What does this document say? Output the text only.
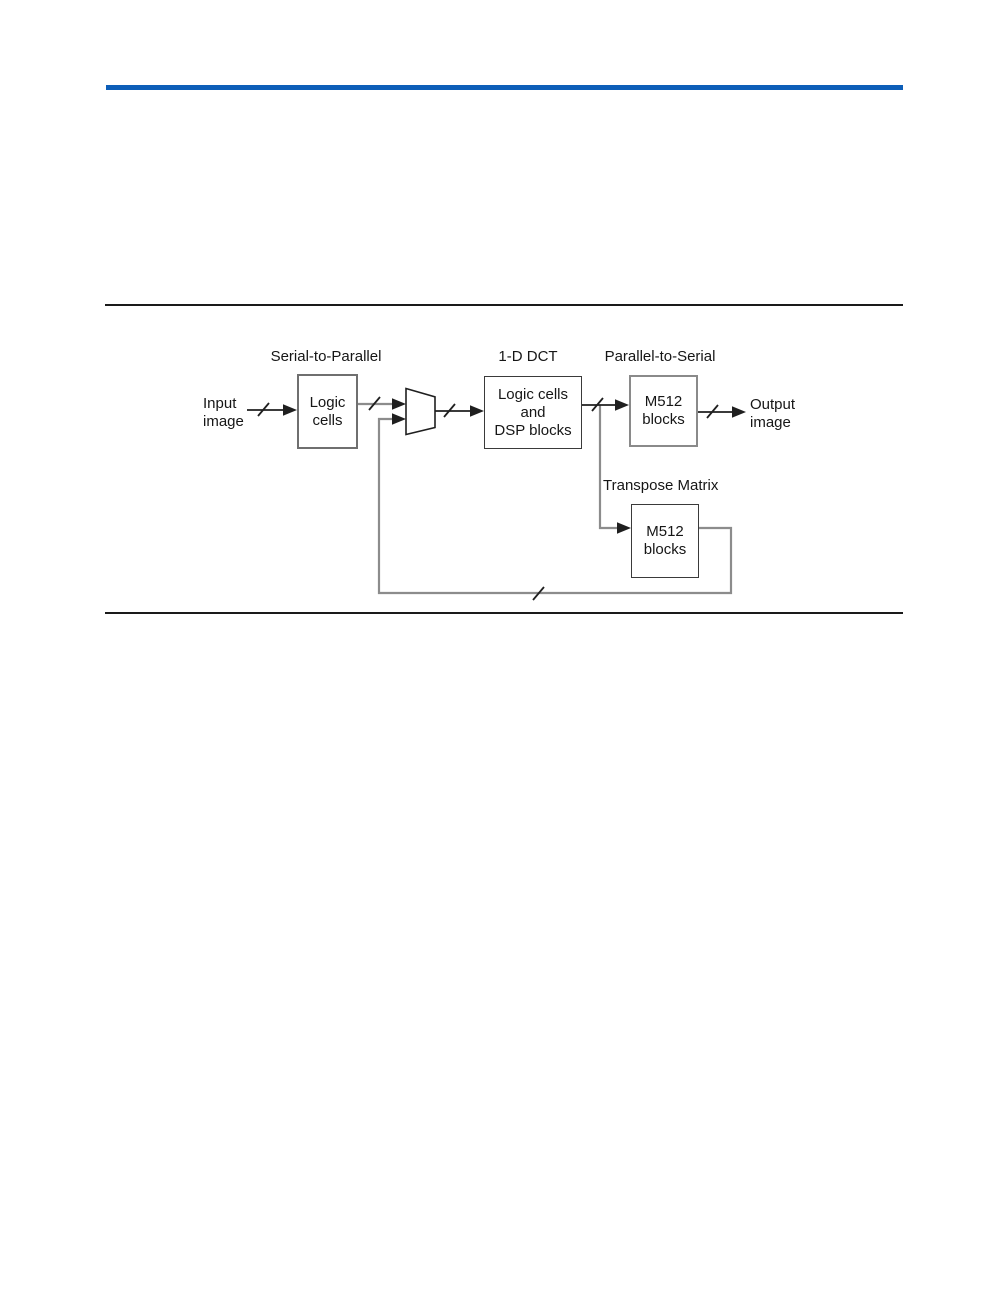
Serial-to-Parallel	1-D DCT	Parallel-to-Serial
Transpose Matrix
Input
image
Output
image
Logic
cells
Logic cells
and
DSP blocks
M512
blocks
M512
blocks
